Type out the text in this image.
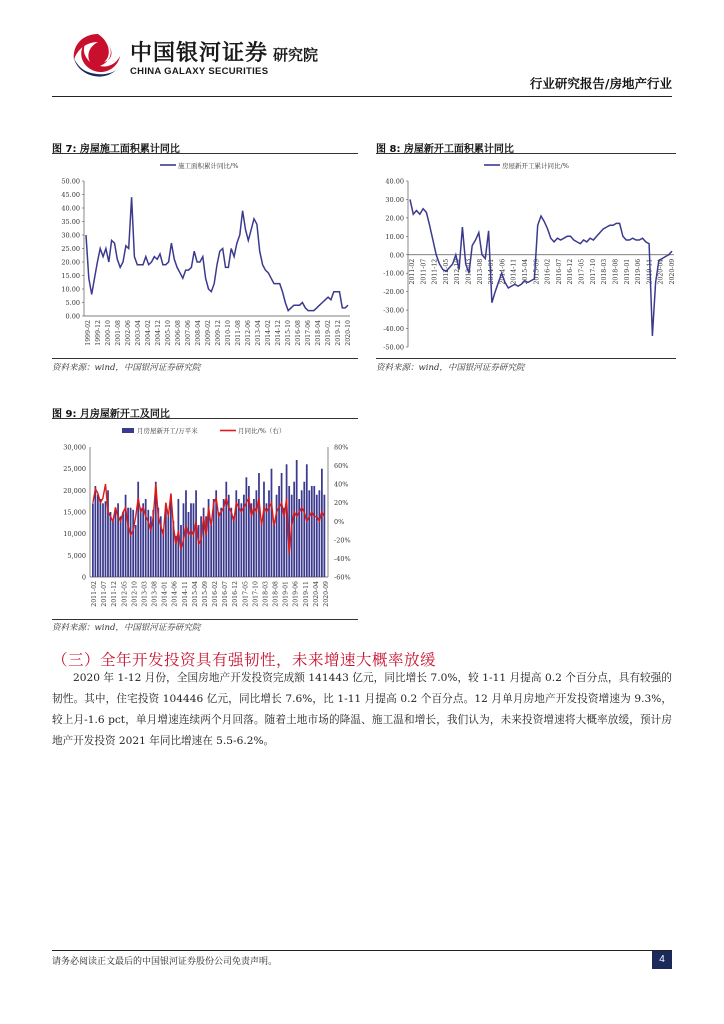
中国银河证券 研究院
CHINA GALAXY SECURITIES
行业研究报告/房地产行业
图 7: 房屋施工面积累计同比
施工面积累计同比/%
50.00
45.00
40.00
35.00
30.00
25.00
20.00
15.00
10.00
5.00
0.00
1999-02 1999-12 2000-10 2001-08 2002-06 2003-04 2004-02 2004-12 2005-10 2006-08 2007-06 2008-04 2009-02 2009-12 2010-10 2011-08 2012-06 2013-04 2014-02 2014-12 2015-10 2016-08 2017-06 2018-04 2019-02 2019-12 2020-10
资料来源：wind，中国银河证券研究院
图 8: 房屋新开工面积累计同比
房屋新开工累计同比/%
40.00
30.00
20.00
10.00
0.00
-10.00
-20.00
-30.00
-40.00
-50.00
2011-02 2011-07 2011-12 2012-05 2012-10 2013-03 2013-08 2014-01 2014-06 2014-11 2015-04 2015-09 2016-02 2016-07 2016-12 2017-05 2017-10 2018-03 2018-08 2019-01 2019-06 2019-11 2020-04 2020-09
资料来源：wind，中国银河证券研究院
图 9: 月房屋新开工及同比
月房屋新开工/万平米	月同比/%（右）
30,000
25,000
20,000
15,000
10,000
5,000
0
80%
60%
40%
20%
0%
-20%
-40%
-60%
2011-02 2011-07 2011-12 2012-05 2012-10 2013-03 2013-08 2014-01 2014-06 2014-11 2015-04 2015-09 2016-02 2016-07 2016-12 2017-05 2017-10 2018-03 2018-08 2019-01 2019-06 2019-11 2020-04 2020-09
资料来源：wind，中国银河证券研究院
（三）全年开发投资具有强韧性，未来增速大概率放缓
2020 年 1-12 月份，全国房地产开发投资完成额 141443 亿元，同比增长 7.0%，较 1-11 月提高 0.2 个百分点，具有较强的韧性。其中，住宅投资 104446 亿元，同比增长 7.6%，比 1-11 月提高 0.2 个百分点。12 月单月房地产开发投资增速为 9.3%，较上月-1.6 pct，单月增速连续两个月回落。随着土地市场的降温、施工温和增长，我们认为，未来投资增速将大概率放缓，预计房地产开发投资 2021 年同比增速在 5.5-6.2%。
请务必阅读正文最后的中国银河证券股份公司免责声明。	4
